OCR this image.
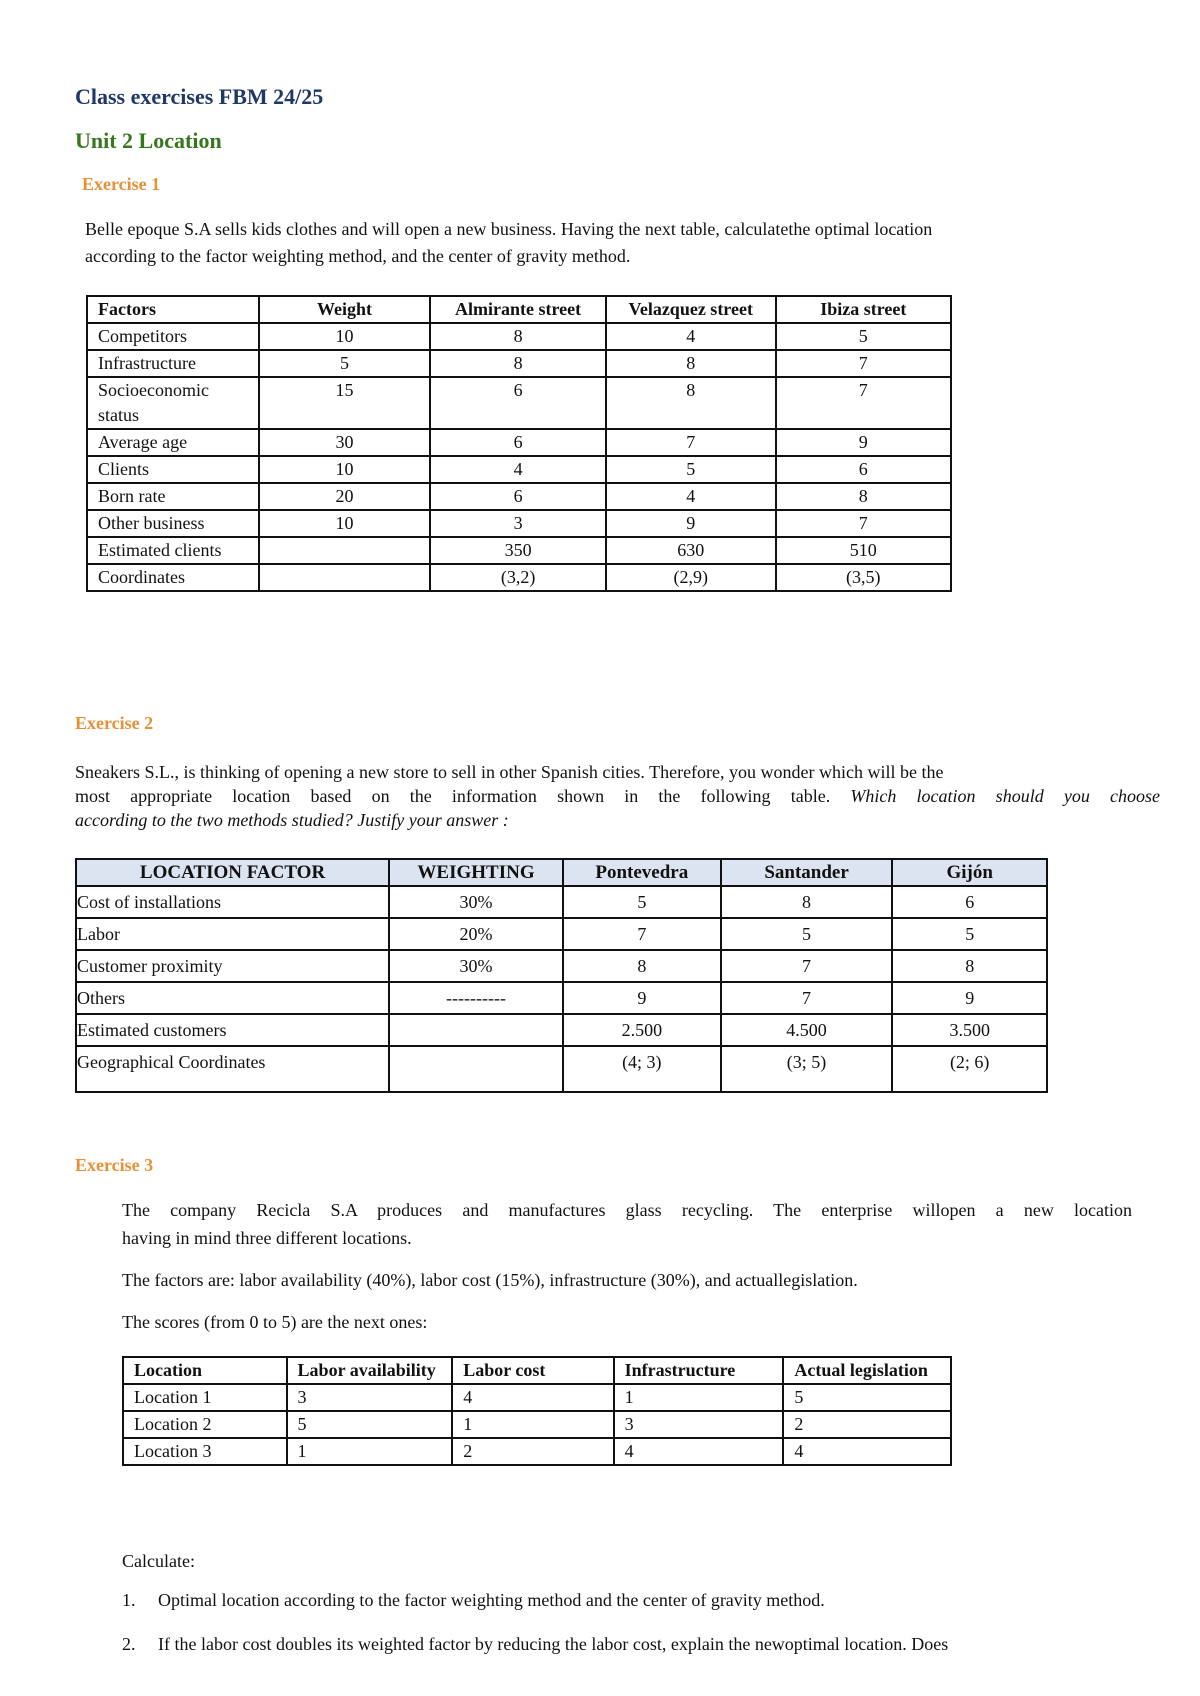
Class exercises FBM 24/25
Unit 2 Location
Exercise 1
Belle epoque S.A sells kids clothes and will open a new business. Having the next table, calculatethe optimal location
according to the factor weighting method, and the center of gravity method.
Factors	Weight	Almirante street	Velazquez street	Ibiza street
Competitors	10	8	4	5
Infrastructure	5	8	8	7
Socioeconomic status	15	6	8	7
Average age	30	6	7	9
Clients	10	4	5	6
Born rate	20	6	4	8
Other business	10	3	9	7
Estimated clients		350	630	510
Coordinates		(3,2)	(2,9)	(3,5)
Exercise 2
Sneakers S.L., is thinking of opening a new store to sell in other Spanish cities. Therefore, you wonder which will be the
most appropriate location based on the information shown in the following table. Which location should you choose
according to the two methods studied? Justify your answer :
LOCATION FACTOR	WEIGHTING	Pontevedra	Santander	Gijón
Cost of installations	30%	5	8	6
Labor	20%	7	5	5
Customer proximity	30%	8	7	8
Others	----------	9	7	9
Estimated customers		2.500	4.500	3.500
Geographical Coordinates		(4; 3)	(3; 5)	(2; 6)
Exercise 3
The company Recicla S.A produces and manufactures glass recycling. The enterprise willopen a new location
having in mind three different locations.
The factors are: labor availability (40%), labor cost (15%), infrastructure (30%), and actuallegislation.
The scores (from 0 to 5) are the next ones:
Location	Labor availability	Labor cost	Infrastructure	Actual legislation
Location 1	3	4	1	5
Location 2	5	1	3	2
Location 3	1	2	4	4
Calculate:
1. Optimal location according to the factor weighting method and the center of gravity method.
2. If the labor cost doubles its weighted factor by reducing the labor cost, explain the newoptimal location. Does
